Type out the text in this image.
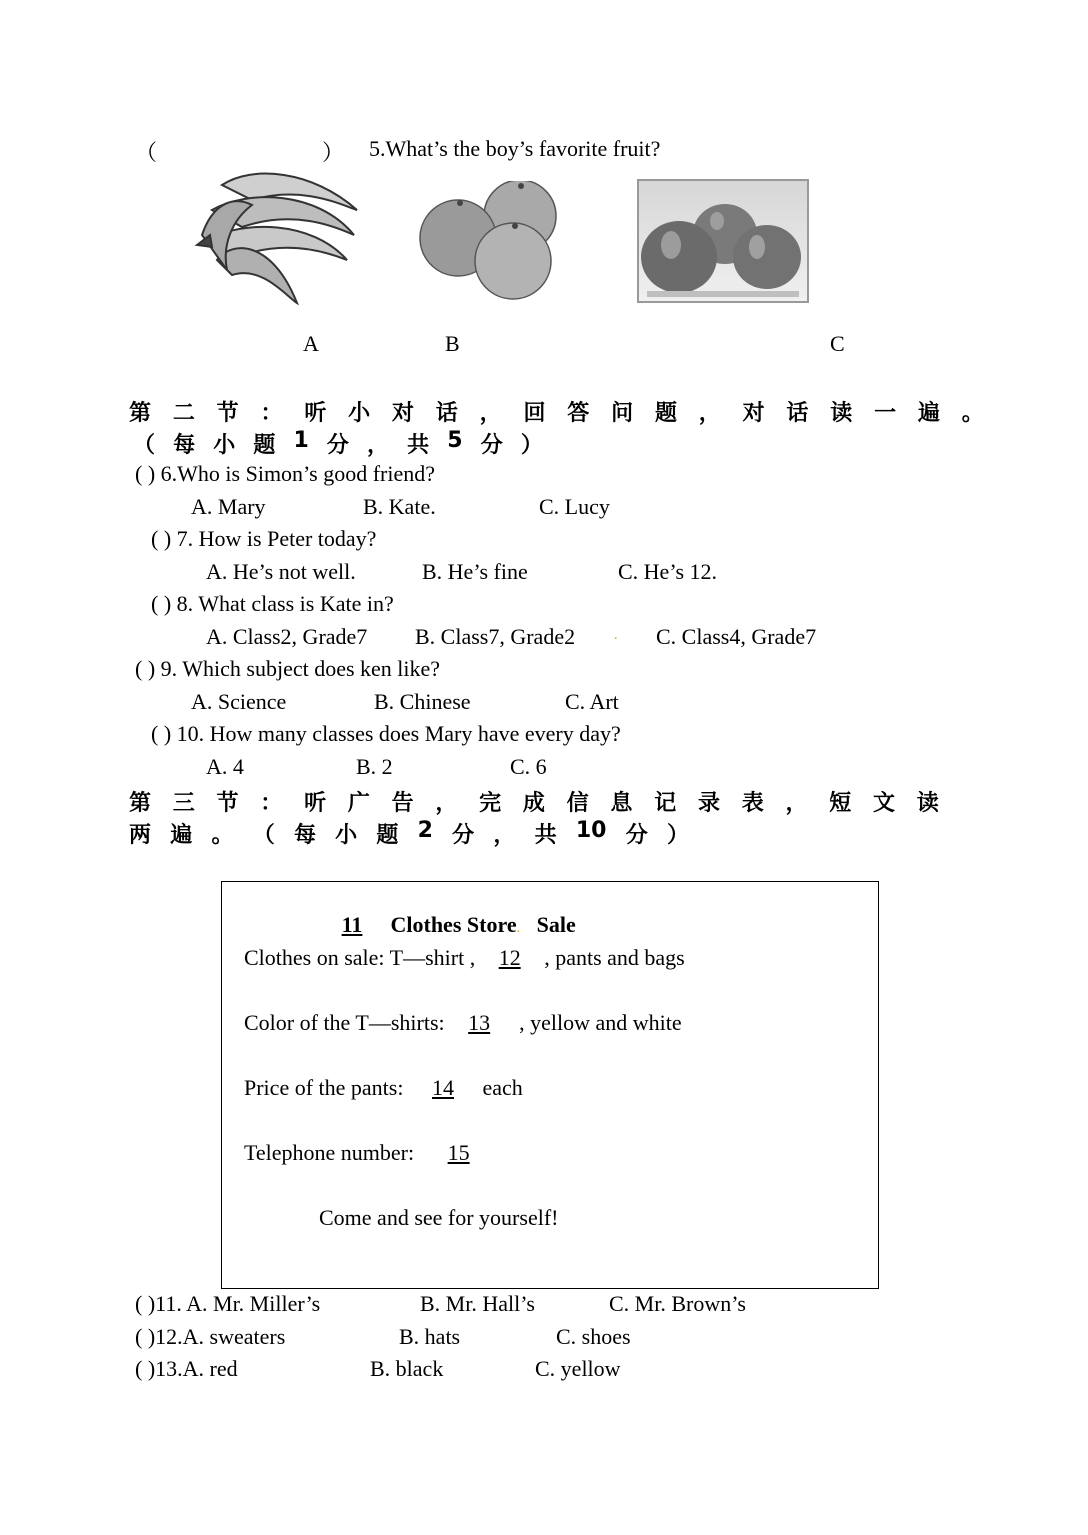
（	） 5.What’s the boy’s favorite fruit?
A	B	C
第 二 节 ： 听 小 对 话 ， 回 答 问 题 ， 对 话 读 一 遍 。
（ 每 小 题 1 分 ， 共 5 分 ）
( ) 6.Who is Simon’s good friend?
A. Mary	B. Kate.	C. Lucy
( ) 7. How is Peter today?
A. He’s not well.	B. He’s fine	C. He’s 12.
( ) 8. What class is Kate in?
A. Class2, Grade7 B. Class7, Grade2	. C. Class4, Grade7
( ) 9. Which subject does ken like?
A. Science	B. Chinese	C. Art
( ) 10. How many classes does Mary have every day?
A. 4	B. 2	C. 6
第 三 节 ： 听 广 告 ， 完 成 信 息 记 录 表 ， 短 文 读
两 遍 。 （ 每 小 题 2 分 ， 共 10 分 ）
11 Clothes Store. Sale
Clothes on sale: T—shirt , 12 , pants and bags
Color of the T—shirts: 13 , yellow and white
Price of the pants: 14 each
Telephone number: 15
Come and see for yourself!
( )11. A. Mr. Miller’s	B. Mr. Hall’s	C. Mr. Brown’s
( )12.A. sweaters	B. hats	C. shoes
( )13.A. red	B. black	C. yellow
